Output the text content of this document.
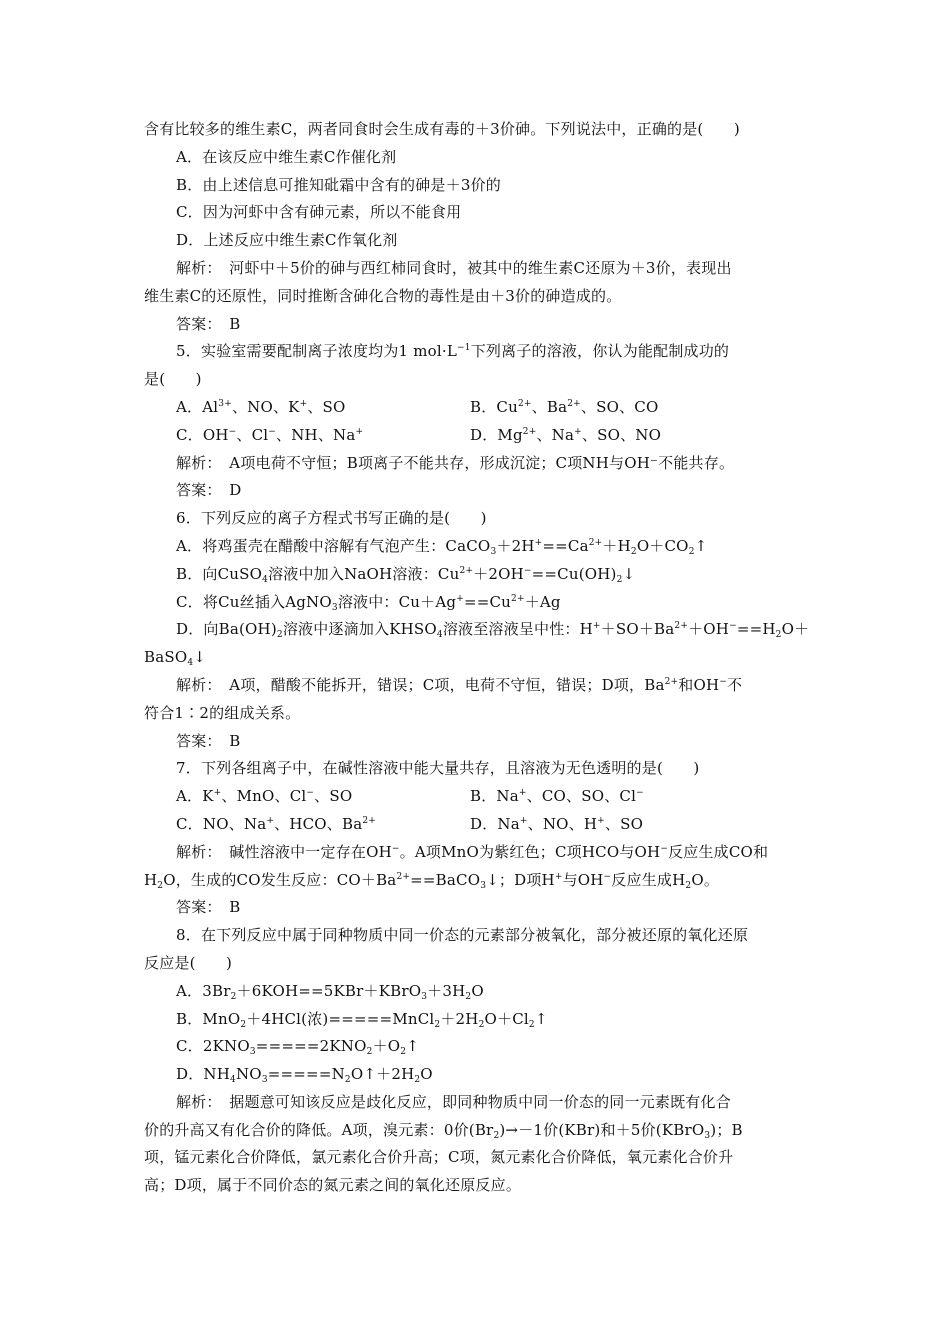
含有比较多的维生素C，两者同食时会生成有毒的＋3价砷。下列说法中，正确的是(　　)
A．在该反应中维生素C作催化剂
B．由上述信息可推知砒霜中含有的砷是＋3价的
C．因为河虾中含有砷元素，所以不能食用
D．上述反应中维生素C作氧化剂
解析：　河虾中＋5价的砷与西红柿同食时，被其中的维生素C还原为＋3价，表现出
维生素C的还原性，同时推断含砷化合物的毒性是由＋3价的砷造成的。
答案：　B
5．实验室需要配制离子浓度均为1 $mol\cdot L^{-1}$下列离子的溶液，你认为能配制成功的
是(　　)
A．$Al^{3+}$、NO、K+、SO	B．$Cu^{2+}$、$Ba^{2+}$、SO、CO
C．OH−、Cl−、NH、Na+	D．$Mg^{2+}$、Na+、SO、NO
解析：　A项电荷不守恒；B项离子不能共存，形成沉淀；C项NH与OH⁻不能共存。
答案：　D
6．下列反应的离子方程式书写正确的是(　　)
A．将鸡蛋壳在醋酸中溶解有气泡产生：$CaCO_3+2H^+==Ca^{2+}+H_2O+CO_2↑$
B．向CuSO$_4$溶液中加入NaOH溶液：$Cu^{2+}+2OH^-==Cu(OH)_2↓$
C．将Cu丝插入AgNO$_3$溶液中：$Cu+Ag^+==Cu^{2+}+Ag$
D．向$Ba(OH)_2$溶液中逐滴加入$KHSO_4$溶液至溶液呈中性：$H^++SO+Ba^{2+}+OH^-==H_2O+$
BaSO$_4$↓
解析：　A项，醋酸不能拆开，错误；C项，电荷不守恒，错误；D项，$Ba^{2+}$和OH−不
符合1∶2的组成关系。
答案：　B
7．下列各组离子中，在碱性溶液中能大量共存，且溶液为无色透明的是(　　)
A．K+、MnO、Cl−、SO	B．Na+、CO、SO、Cl−
C．NO、Na+、HCO、$Ba^{2+}$	D．Na+、NO、H+、SO
解析：　碱性溶液中一定存在OH−。A项MnO为紫红色；C项HCO与OH−反应生成CO和
$H_2O$，生成的CO发生反应：$CO+Ba^{2+}==BaCO_3↓$；D项H+与OH−反应生成$H_2O$。
答案：　B
8．在下列反应中属于同种物质中同一价态的元素部分被氧化，部分被还原的氧化还原
反应是(　　)
A．$3Br_2+6KOH==5KBr+KBrO_3+3H_2O$
B．MnO$_2$＋4HCl(浓)$=====MnCl_2+2H_2O+Cl_2↑$
C．$2KNO_3=====2KNO_2+O_2↑$
D．$NH_4NO_3=====N_2O↑+2H_2O$
解析：　据题意可知该反应是歧化反应，即同种物质中同一价态的同一元素既有化合
价的升高又有化合价的降低。A项，溴元素：0价$(Br_2)\to-1$价(KBr)和＋5价(KBrO$_3$)；B
项，锰元素化合价降低，氯元素化合价升高；C项，氮元素化合价降低，氧元素化合价升
高；D项，属于不同价态的氮元素之间的氧化还原反应。
